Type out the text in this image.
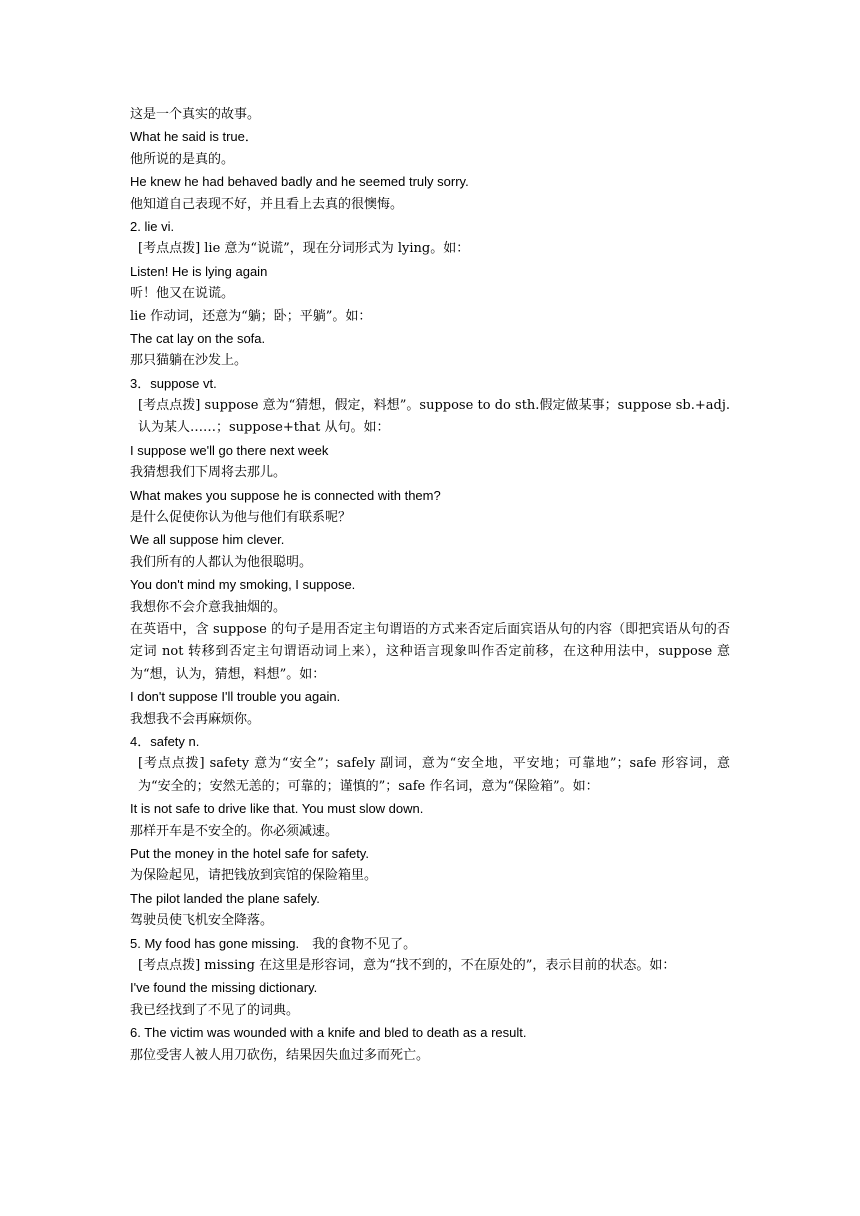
这是一个真实的故事。
What he said is true．
他所说的是真的。
He knew he had behaved badly and he seemed truly sorry.
他知道自己表现不好，并且看上去真的很懊悔。
2. lie vi.
[考点点拨] lie 意为“说谎”，现在分词形式为 lying。如：
Listen! He is lying again
听！他又在说谎。
lie 作动词，还意为“躺；卧；平躺”。如：
The cat lay on the sofa.
那只猫躺在沙发上。
3．suppose vt.
[考点点拨] suppose 意为“猜想，假定，料想”。suppose to do sth.假定做某事；suppose sb.+adj. 认为某人……；suppose+that 从句。如：
I suppose we'll go there next week
我猜想我们下周将去那儿。
What makes you suppose he is connected with them?
是什么促使你认为他与他们有联系呢？
We all suppose him clever.
我们所有的人都认为他很聪明。
You don't mind my smoking, I suppose.
我想你不会介意我抽烟的。
在英语中，含 suppose 的句子是用否定主句谓语的方式来否定后面宾语从句的内容（即把宾语从句的否定词 not 转移到否定主句谓语动词上来），这种语言现象叫作否定前移，在这种用法中，suppose 意为“想，认为，猜想，料想”。如：
I don't suppose I'll trouble you again.
我想我不会再麻烦你。
4．safety n.
[考点点拨] safety 意为“安全”；safely 副词，意为“安全地，平安地；可靠地”；safe 形容词，意为“安全的；安然无恙的；可靠的；谨慎的”；safe 作名词，意为“保险箱”。如：
It is not safe to drive like that. You must slow down.
那样开车是不安全的。你必须减速。
Put the money in the hotel safe for safety.
为保险起见，请把钱放到宾馆的保险箱里。
The pilot landed the plane safely.
驾驶员使飞机安全降落。
5. My food has gone missing.　我的食物不见了。
[考点点拨] missing 在这里是形容词，意为“找不到的，不在原处的”，表示目前的状态。如：
I've found the missing dictionary.
我已经找到了不见了的词典。
6. The victim was wounded with a knife and bled to death as a result.
那位受害人被人用刀砍伤，结果因失血过多而死亡。
